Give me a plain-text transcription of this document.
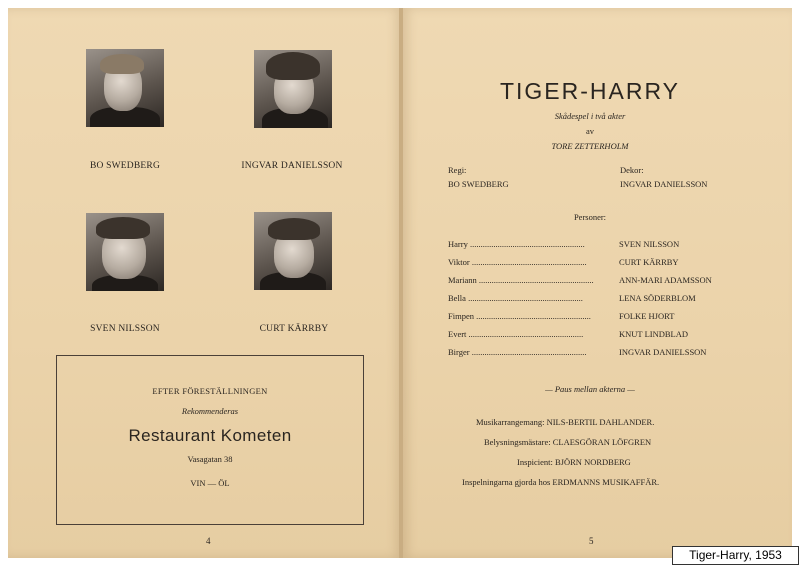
BO SWEDBERG	INGVAR DANIELSSON
SVEN NILSSON	CURT KÄRRBY
EFTER FÖRESTÄLLNINGEN
Rekommenderas
Restaurant Kometen
Vasagatan 38
VIN — ÖL
4
TIGER-HARRY
Skådespel i två akter
av
TORE ZETTERHOLM
Regi:
BO SWEDBERG
Dekor:
INGVAR DANIELSSON
Personer:
Harry ......................................................	SVEN NILSSON
Viktor ......................................................	CURT KÄRRBY
Mariann ......................................................	ANN-MARI ADAMSSON
Bella ......................................................	LENA SÖDERBLOM
Fimpen ......................................................	FOLKE HJORT
Evert ......................................................	KNUT LINDBLAD
Birger ......................................................	INGVAR DANIELSSON
— Paus mellan akterna —
Musikarrangemang: NILS-BERTIL DAHLANDER.
Belysningsmästare: CLAESGÖRAN LÖFGREN
Inspicient: BJÖRN NORDBERG
Inspelningarna gjorda hos ERDMANNS MUSIKAFFÄR.
5
Tiger-Harry, 1953
